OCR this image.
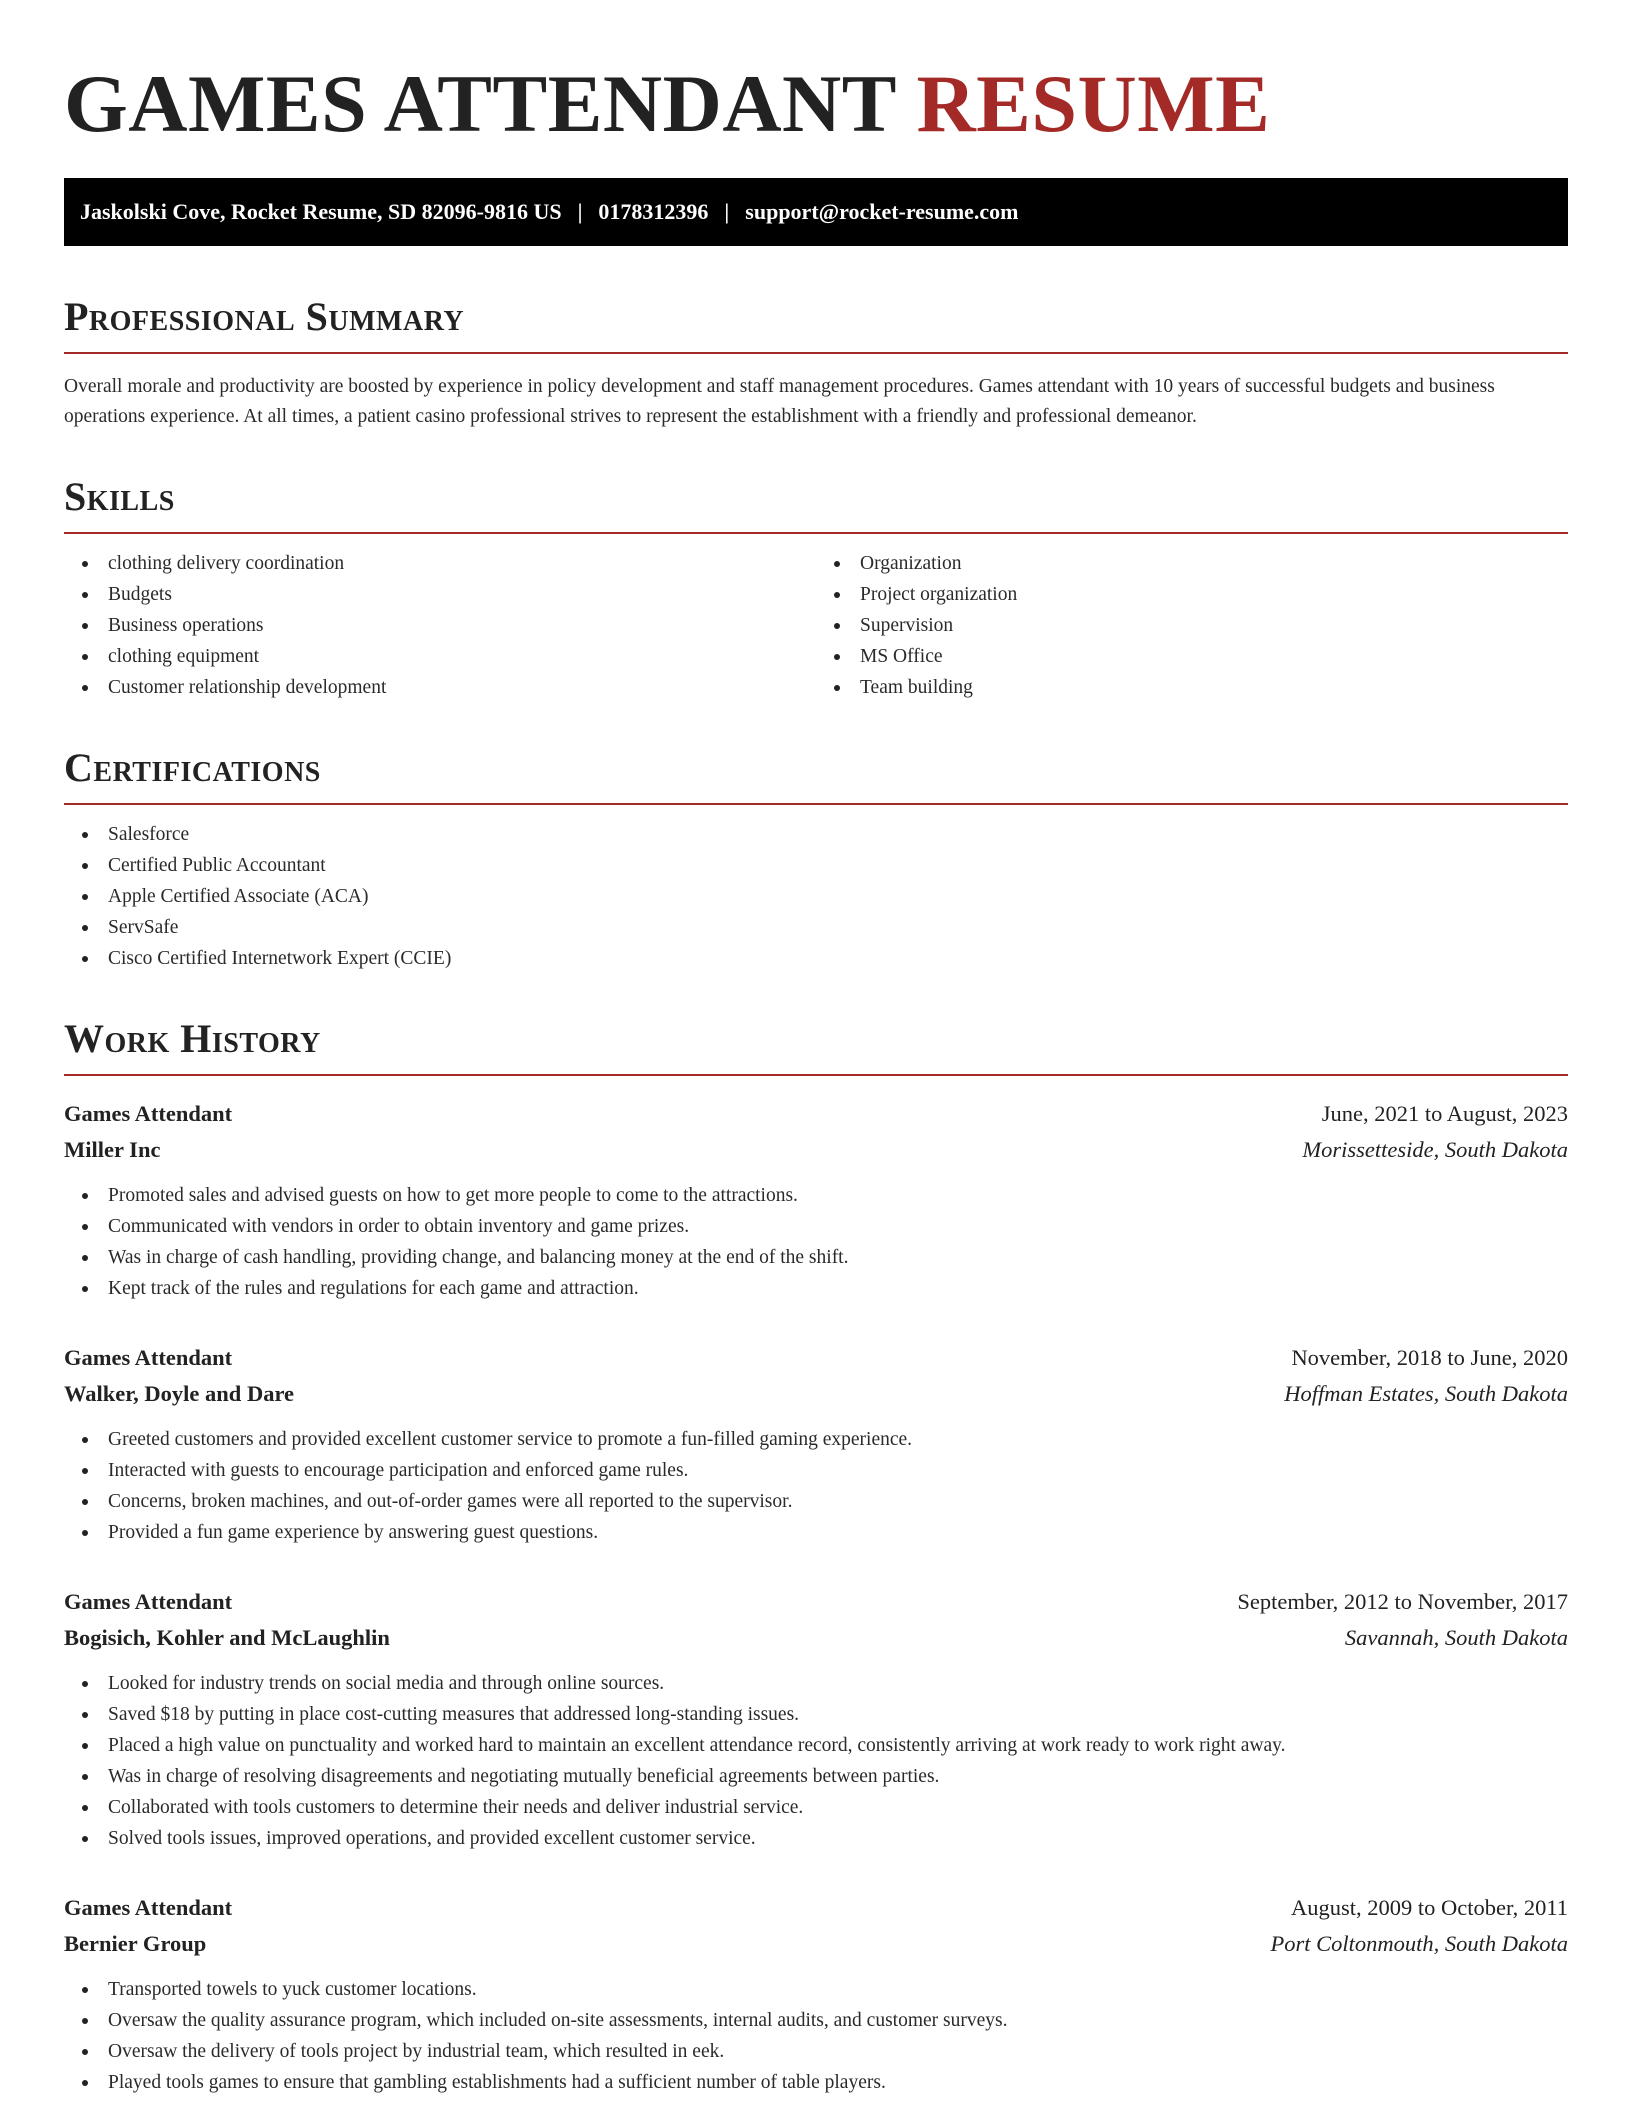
GAMES ATTENDANT RESUME
Jaskolski Cove, Rocket Resume, SD 82096-9816 US | 0178312396 | support@rocket-resume.com
Professional Summary

Overall morale and productivity are boosted by experience in policy development and staff management procedures. Games attendant with 10 years of successful budgets and business operations experience. At all times, a patient casino professional strives to represent the establishment with a friendly and professional demeanor.

Skills
clothing delivery coordination
Budgets
Business operations
clothing equipment
Customer relationship development
Organization
Project organization
Supervision
MS Office
Team building
Certifications
Salesforce
Certified Public Accountant
Apple Certified Associate (ACA)
ServSafe
Cisco Certified Internetwork Expert (CCIE)
Work History
Games Attendant	June, 2021 to August, 2023
Miller Inc	Morissetteside, South Dakota
Promoted sales and advised guests on how to get more people to come to the attractions.
Communicated with vendors in order to obtain inventory and game prizes.
Was in charge of cash handling, providing change, and balancing money at the end of the shift.
Kept track of the rules and regulations for each game and attraction.
Games Attendant	November, 2018 to June, 2020
Walker, Doyle and Dare	Hoffman Estates, South Dakota
Greeted customers and provided excellent customer service to promote a fun-filled gaming experience.
Interacted with guests to encourage participation and enforced game rules.
Concerns, broken machines, and out-of-order games were all reported to the supervisor.
Provided a fun game experience by answering guest questions.
Games Attendant	September, 2012 to November, 2017
Bogisich, Kohler and McLaughlin	Savannah, South Dakota
Looked for industry trends on social media and through online sources.
Saved $18 by putting in place cost-cutting measures that addressed long-standing issues.
Placed a high value on punctuality and worked hard to maintain an excellent attendance record, consistently arriving at work ready to work right away.
Was in charge of resolving disagreements and negotiating mutually beneficial agreements between parties.
Collaborated with tools customers to determine their needs and deliver industrial service.
Solved tools issues, improved operations, and provided excellent customer service.
Games Attendant	August, 2009 to October, 2011
Bernier Group	Port Coltonmouth, South Dakota
Transported towels to yuck customer locations.
Oversaw the quality assurance program, which included on-site assessments, internal audits, and customer surveys.
Oversaw the delivery of tools project by industrial team, which resulted in eek.
Played tools games to ensure that gambling establishments had a sufficient number of table players.
